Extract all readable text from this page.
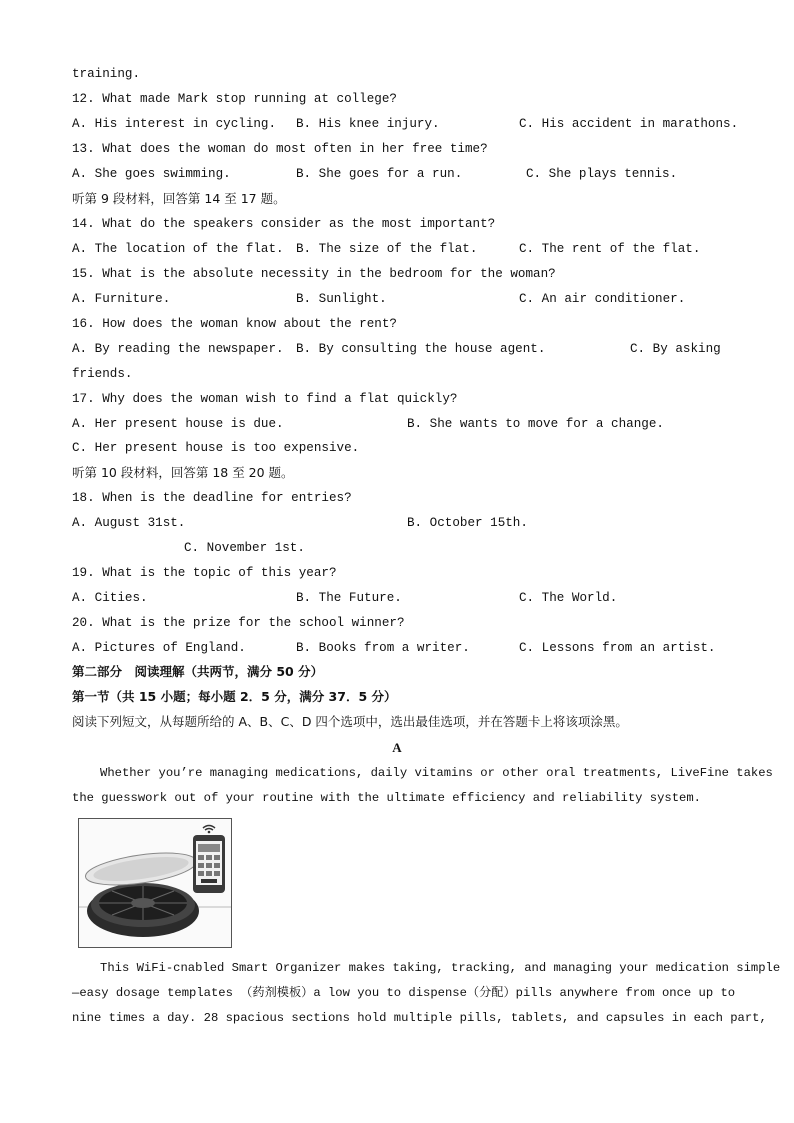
training.
12. What made Mark stop running at college?
A. His interest in cycling. B. His knee injury.	C. His accident in marathons.
13. What does the woman do most often in her free time?
A. She goes swimming.	B. She goes for a run.	C. She plays tennis.
听第 9 段材料，回答第 14 至 17 题。
14. What do the speakers consider as the most important?
A. The location of the flat. B. The size of the flat.	C. The rent of the flat.
15. What is the absolute necessity in the bedroom for the woman?
A. Furniture.	B. Sunlight.	C. An air conditioner.
16. How does the woman know about the rent?
A. By reading the newspaper. B. By consulting the house agent.	C. By asking
friends.
17. Why does the woman wish to find a flat quickly?
A. Her present house is due.	B. She wants to move for a change.
C. Her present house is too expensive.
听第 10 段材料，回答第 18 至 20 题。
18. When is the deadline for entries?
A. August 31st.	B. October 15th.
C. November 1st.
19. What is the topic of this year?
A. Cities.	B. The Future.	C. The World.
20. What is the prize for the school winner?
A. Pictures of England.	B. Books from a writer.	C. Lessons from an artist.
第二部分　阅读理解（共两节，满分 50 分）
第一节（共 15 小题；每小题 2．5 分，满分 37．5 分）
阅读下列短文，从每题所给的 A、B、C、D 四个选项中，选出最佳选项，并在答题卡上将该项涂黑。
A
Whether you’re managing medications, daily vitamins or other oral treatments, LiveFine takes
the guesswork out of your routine with the ultimate efficiency and reliability system.
This WiFi-cnabled Smart Organizer makes taking, tracking, and managing your medication simple
—easy dosage templates （药剂模板）a low you to dispense（分配）pills anywhere from once up to
nine times a day. 28 spacious sections hold multiple pills, tablets, and capsules in each part,
